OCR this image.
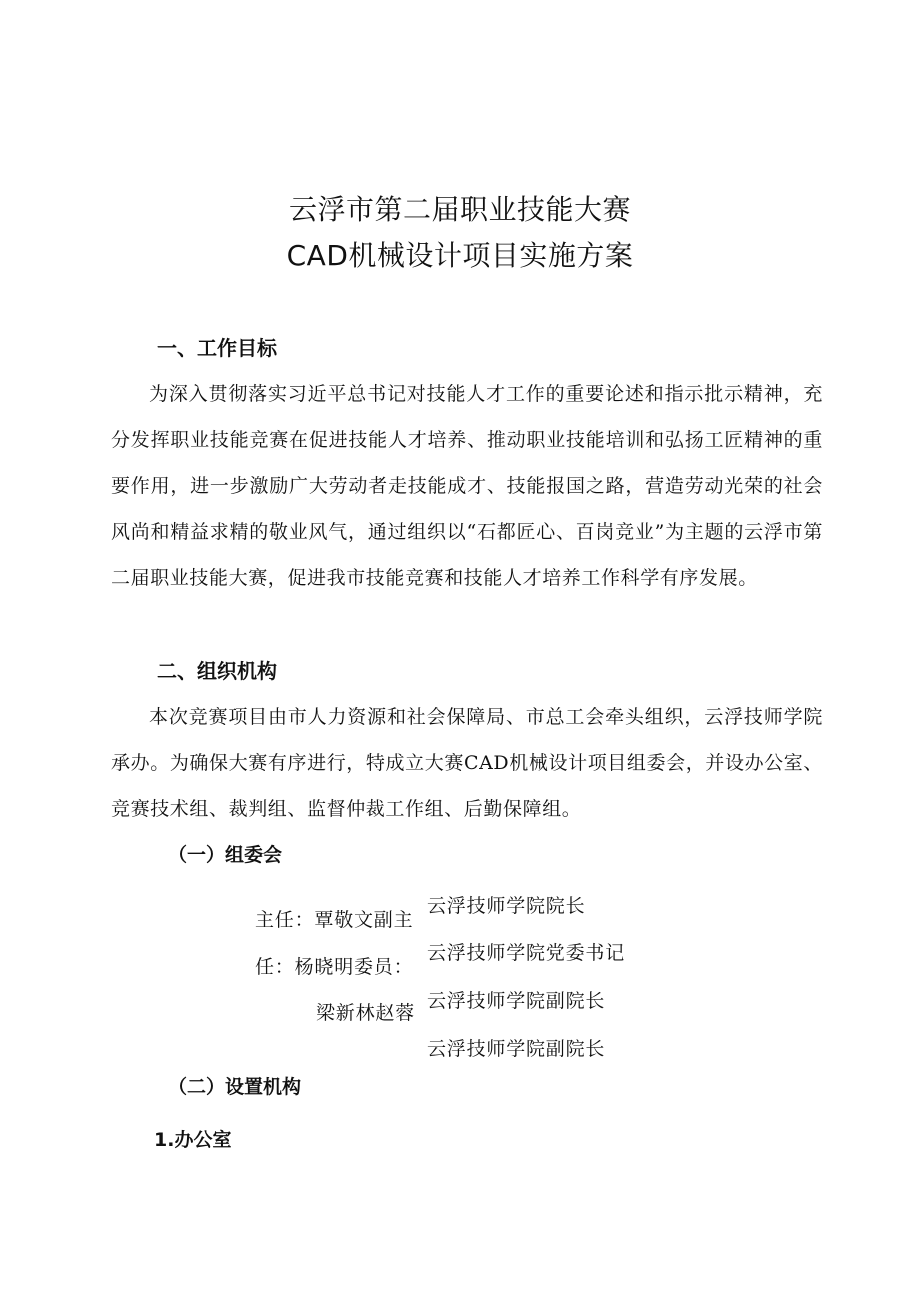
云浮市第二届职业技能大赛
CAD机械设计项目实施方案
一、工作目标
为深入贯彻落实习近平总书记对技能人才工作的重要论述和指示批示精神，充分发挥职业技能竞赛在促进技能人才培养、推动职业技能培训和弘扬工匠精神的重要作用，进一步激励广大劳动者走技能成才、技能报国之路，营造劳动光荣的社会风尚和精益求精的敬业风气，通过组织以“石都匠心、百岗竞业”为主题的云浮市第二届职业技能大赛，促进我市技能竞赛和技能人才培养工作科学有序发展。
二、组织机构
本次竞赛项目由市人力资源和社会保障局、市总工会牵头组织，云浮技师学院承办。为确保大赛有序进行，特成立大赛CAD机械设计项目组委会，并设办公室、竞赛技术组、裁判组、监督仲裁工作组、后勤保障组。
（一）组委会
主任：覃敬文副主
任：杨晓明委员：
梁新林赵蓉
云浮技师学院院长
云浮技师学院党委书记
云浮技师学院副院长
云浮技师学院副院长
（二）设置机构
1.办公室
